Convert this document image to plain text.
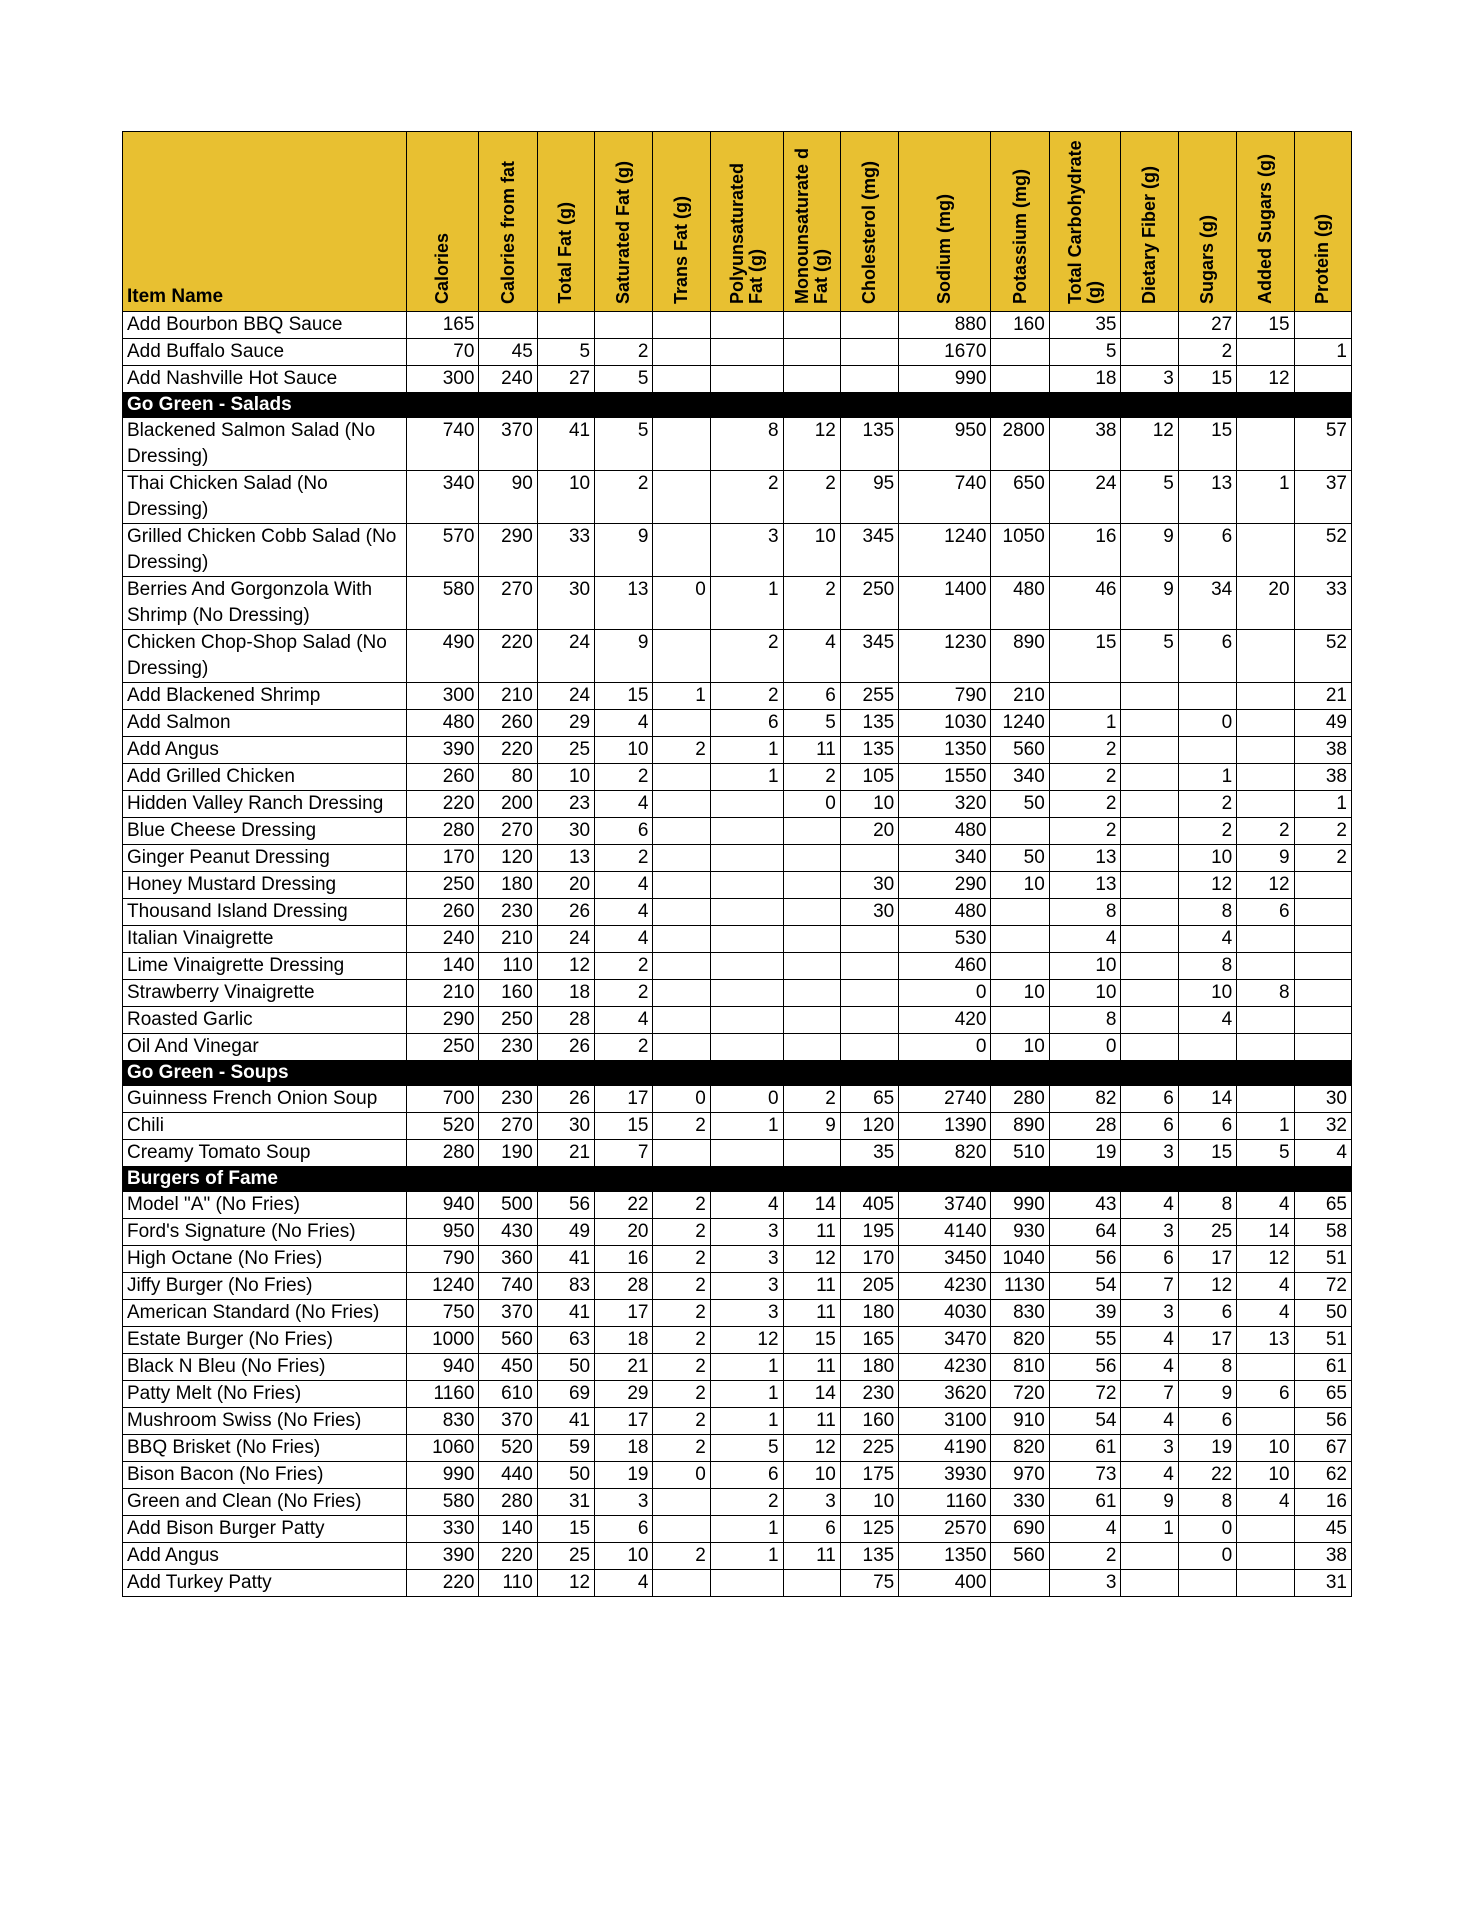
Item Name	Calories	Calories from fat	Total Fat (g)	Saturated Fat (g)	Trans Fat (g)	Polyunsaturated Fat (g)	Monounsaturate d Fat (g)	Cholesterol (mg)	Sodium (mg)	Potassium (mg)	Total Carbohydrate (g)	Dietary Fiber (g)	Sugars (g)	Added Sugars (g)	Protein (g)
Add Bourbon BBQ Sauce	165								880	160	35		27	15	
Add Buffalo Sauce	70	45	5	2					1670		5		2		1
Add Nashville Hot Sauce	300	240	27	5					990		18	3	15	12	
Go Green - Salads															
Blackened Salmon Salad (No Dressing)	740	370	41	5		8	12	135	950	2800	38	12	15		57
Thai Chicken Salad (No Dressing)	340	90	10	2		2	2	95	740	650	24	5	13	1	37
Grilled Chicken Cobb Salad (No Dressing)	570	290	33	9		3	10	345	1240	1050	16	9	6		52
Berries And Gorgonzola With Shrimp (No Dressing)	580	270	30	13	0	1	2	250	1400	480	46	9	34	20	33
Chicken Chop-Shop Salad (No Dressing)	490	220	24	9		2	4	345	1230	890	15	5	6		52
Add Blackened Shrimp	300	210	24	15	1	2	6	255	790	210					21
Add Salmon	480	260	29	4		6	5	135	1030	1240	1		0		49
Add Angus	390	220	25	10	2	1	11	135	1350	560	2				38
Add Grilled Chicken	260	80	10	2		1	2	105	1550	340	2		1		38
Hidden Valley Ranch Dressing	220	200	23	4			0	10	320	50	2		2		1
Blue Cheese Dressing	280	270	30	6				20	480		2		2	2	2
Ginger Peanut Dressing	170	120	13	2					340	50	13		10	9	2
Honey Mustard Dressing	250	180	20	4				30	290	10	13		12	12	
Thousand Island Dressing	260	230	26	4				30	480		8		8	6	
Italian Vinaigrette	240	210	24	4					530		4		4		
Lime Vinaigrette Dressing	140	110	12	2					460		10		8		
Strawberry Vinaigrette	210	160	18	2					0	10	10		10	8	
Roasted Garlic	290	250	28	4					420		8		4		
Oil And Vinegar	250	230	26	2					0	10	0				
Go Green - Soups															
Guinness French Onion Soup	700	230	26	17	0	0	2	65	2740	280	82	6	14		30
Chili	520	270	30	15	2	1	9	120	1390	890	28	6	6	1	32
Creamy Tomato Soup	280	190	21	7				35	820	510	19	3	15	5	4
Burgers of Fame															
Model "A" (No Fries)	940	500	56	22	2	4	14	405	3740	990	43	4	8	4	65
Ford's Signature (No Fries)	950	430	49	20	2	3	11	195	4140	930	64	3	25	14	58
High Octane (No Fries)	790	360	41	16	2	3	12	170	3450	1040	56	6	17	12	51
Jiffy Burger (No Fries)	1240	740	83	28	2	3	11	205	4230	1130	54	7	12	4	72
American Standard (No Fries)	750	370	41	17	2	3	11	180	4030	830	39	3	6	4	50
Estate Burger (No Fries)	1000	560	63	18	2	12	15	165	3470	820	55	4	17	13	51
Black N Bleu (No Fries)	940	450	50	21	2	1	11	180	4230	810	56	4	8		61
Patty Melt (No Fries)	1160	610	69	29	2	1	14	230	3620	720	72	7	9	6	65
Mushroom Swiss (No Fries)	830	370	41	17	2	1	11	160	3100	910	54	4	6		56
BBQ Brisket (No Fries)	1060	520	59	18	2	5	12	225	4190	820	61	3	19	10	67
Bison Bacon (No Fries)	990	440	50	19	0	6	10	175	3930	970	73	4	22	10	62
Green and Clean (No Fries)	580	280	31	3		2	3	10	1160	330	61	9	8	4	16
Add Bison Burger Patty	330	140	15	6		1	6	125	2570	690	4	1	0		45
Add Angus	390	220	25	10	2	1	11	135	1350	560	2		0		38
Add Turkey Patty	220	110	12	4				75	400		3				31
